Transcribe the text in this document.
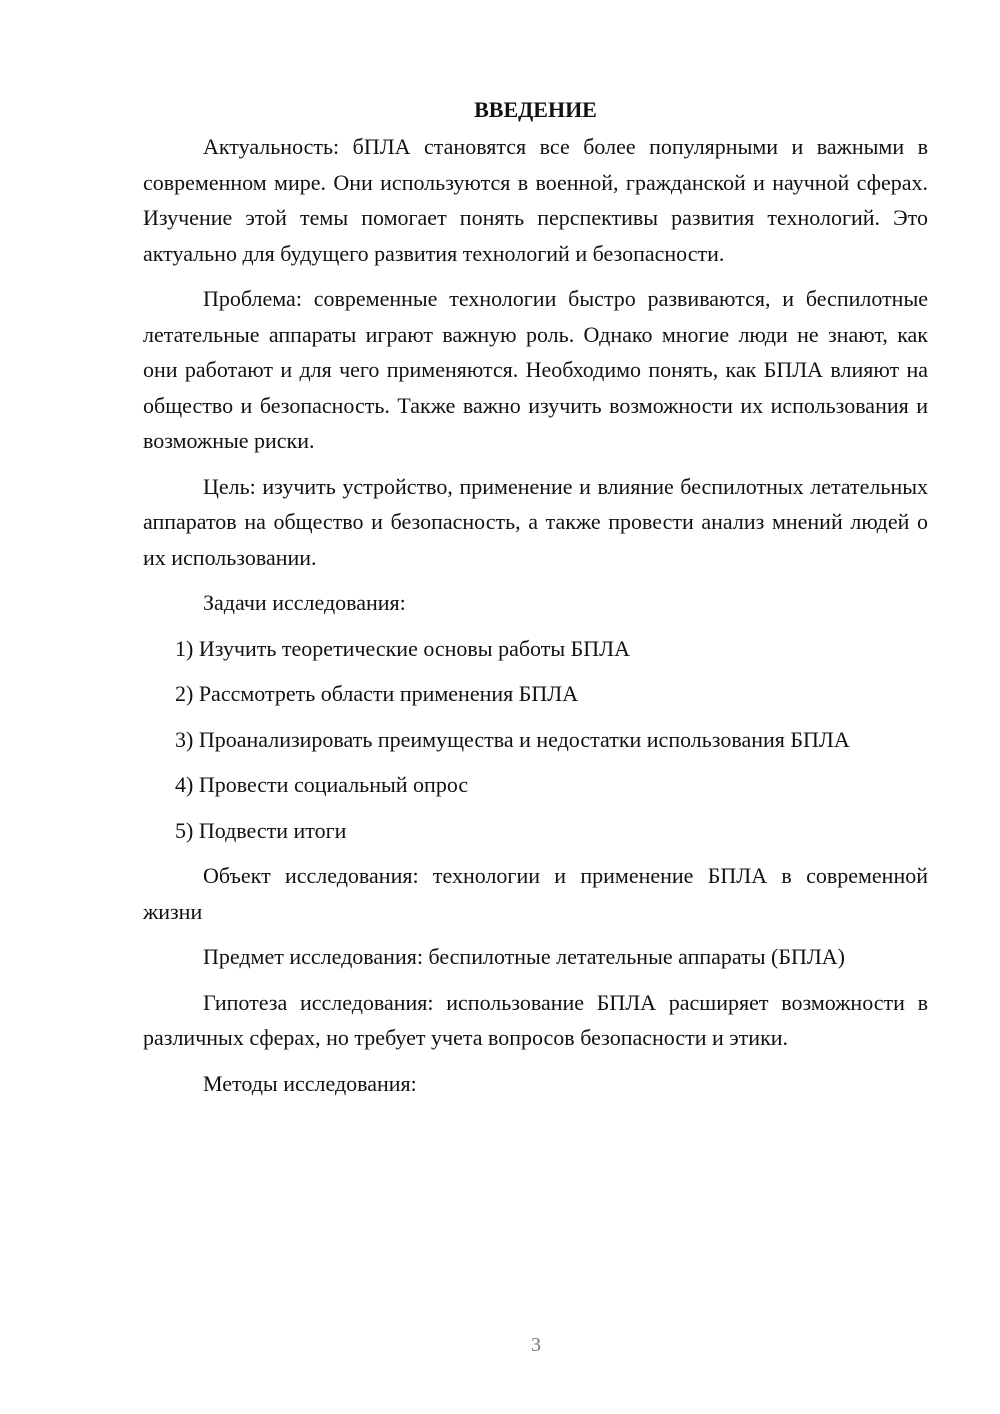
ВВЕДЕНИЕ

Актуальность: бПЛА становятся все более популярными и важными в современном мире. Они используются в военной, гражданской и научной сферах. Изучение этой темы помогает понять перспективы развития технологий. Это актуально для будущего развития технологий и безопасности.

Проблема: современные технологии быстро развиваются, и беспилотные летательные аппараты играют важную роль. Однако многие люди не знают, как они работают и для чего применяются. Необходимо понять, как БПЛА влияют на общество и безопасность. Также важно изучить возможности их использования и возможные риски.

Цель: изучить устройство, применение и влияние беспилотных летательных аппаратов на общество и безопасность, а также провести анализ мнений людей о их использовании.

Задачи исследования:

1) Изучить теоретические основы работы БПЛА

2) Рассмотреть области применения БПЛА

3) Проанализировать преимущества и недостатки использования БПЛА

4) Провести социальный опрос

5) Подвести итоги

Объект исследования: технологии и применение БПЛА в современной жизни

Предмет исследования: беспилотные летательные аппараты (БПЛА)

Гипотеза исследования: использование БПЛА расширяет возможности в различных сферах, но требует учета вопросов безопасности и этики.

Методы исследования:

3
